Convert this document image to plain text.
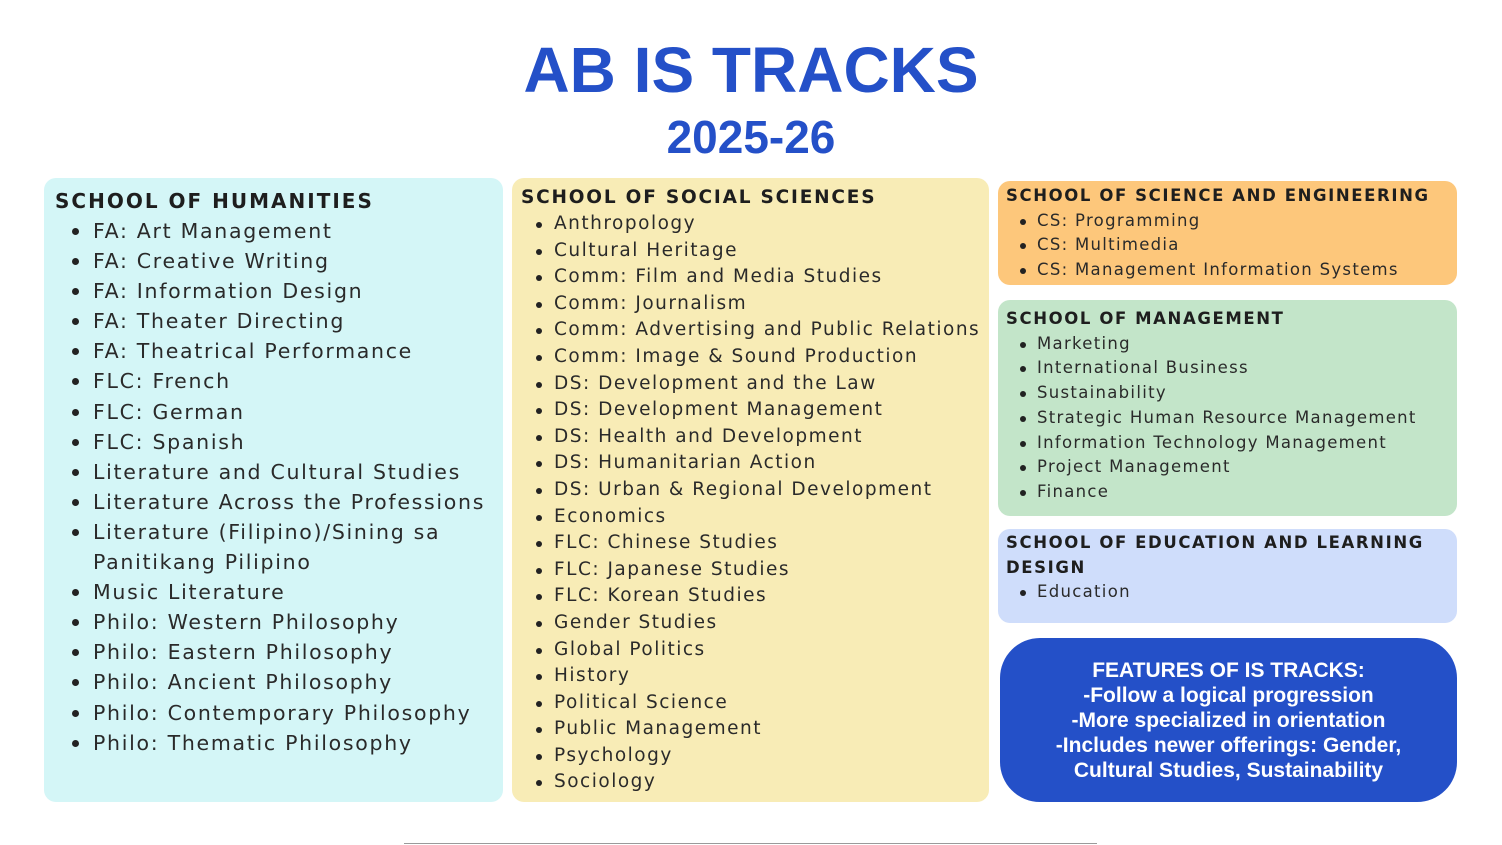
AB IS TRACKS
2025-26
SCHOOL OF HUMANITIES
FA: Art Management
FA: Creative Writing
FA: Information Design
FA: Theater Directing
FA: Theatrical Performance
FLC: French
FLC: German
FLC: Spanish
Literature and Cultural Studies
Literature Across the Professions
Literature (Filipino)/Sining sa Panitikang Pilipino
Music Literature
Philo: Western Philosophy
Philo: Eastern Philosophy
Philo: Ancient Philosophy
Philo: Contemporary Philosophy
Philo: Thematic Philosophy
SCHOOL OF SOCIAL SCIENCES
Anthropology
Cultural Heritage
Comm: Film and Media Studies
Comm: Journalism
Comm: Advertising and Public Relations
Comm: Image & Sound Production
DS: Development and the Law
DS: Development Management
DS: Health and Development
DS: Humanitarian Action
DS: Urban & Regional Development
Economics
FLC: Chinese Studies
FLC: Japanese Studies
FLC: Korean Studies
Gender Studies
Global Politics
History
Political Science
Public Management
Psychology
Sociology
SCHOOL OF SCIENCE AND ENGINEERING
CS: Programming
CS: Multimedia
CS: Management Information Systems
SCHOOL OF MANAGEMENT
Marketing
International Business
Sustainability
Strategic Human Resource Management
Information Technology Management
Project Management
Finance
SCHOOL OF EDUCATION AND LEARNING DESIGN
Education
FEATURES OF IS TRACKS:
-Follow a logical progression
-More specialized in orientation
-Includes newer offerings: Gender, Cultural Studies, Sustainability
